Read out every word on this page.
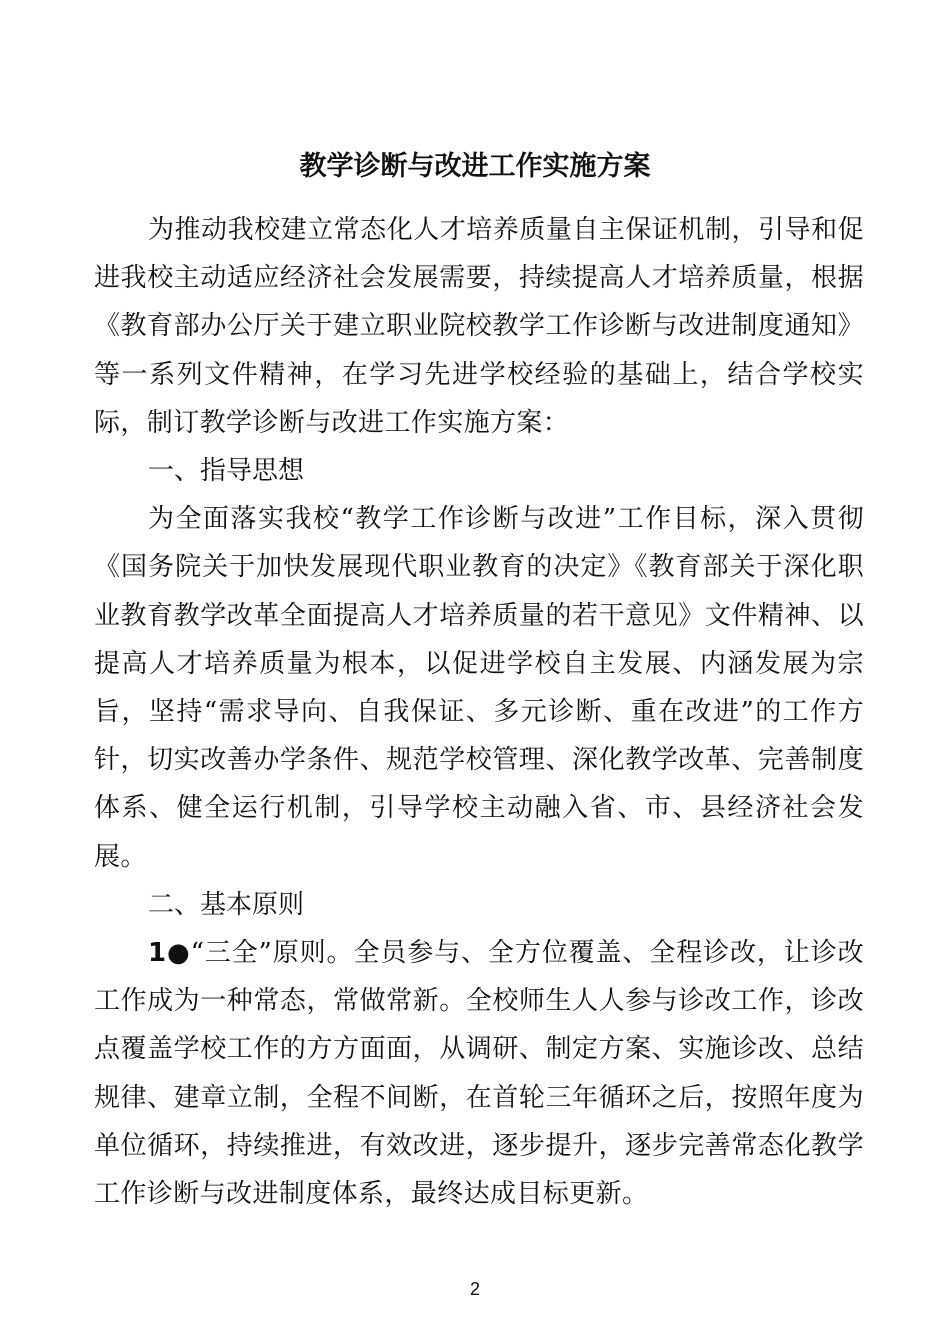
教学诊断与改进工作实施方案

为推动我校建立常态化人才培养质量自主保证机制，引导和促进我校主动适应经济社会发展需要，持续提高人才培养质量，根据《教育部办公厅关于建立职业院校教学工作诊断与改进制度通知》等一系列文件精神，在学习先进学校经验的基础上，结合学校实际，制订教学诊断与改进工作实施方案：

一、指导思想

为全面落实我校“教学工作诊断与改进”工作目标，深入贯彻《国务院关于加快发展现代职业教育的决定》《教育部关于深化职业教育教学改革全面提高人才培养质量的若干意见》文件精神、以提高人才培养质量为根本，以促进学校自主发展、内涵发展为宗旨，坚持“需求导向、自我保证、多元诊断、重在改进”的工作方针，切实改善办学条件、规范学校管理、深化教学改革、完善制度体系、健全运行机制，引导学校主动融入省、市、县经济社会发展。

二、基本原则

1●“三全”原则。全员参与、全方位覆盖、全程诊改，让诊改工作成为一种常态，常做常新。全校师生人人参与诊改工作，诊改点覆盖学校工作的方方面面，从调研、制定方案、实施诊改、总结规律、建章立制，全程不间断，在首轮三年循环之后，按照年度为单位循环，持续推进，有效改进，逐步提升，逐步完善常态化教学工作诊断与改进制度体系，最终达成目标更新。

2
